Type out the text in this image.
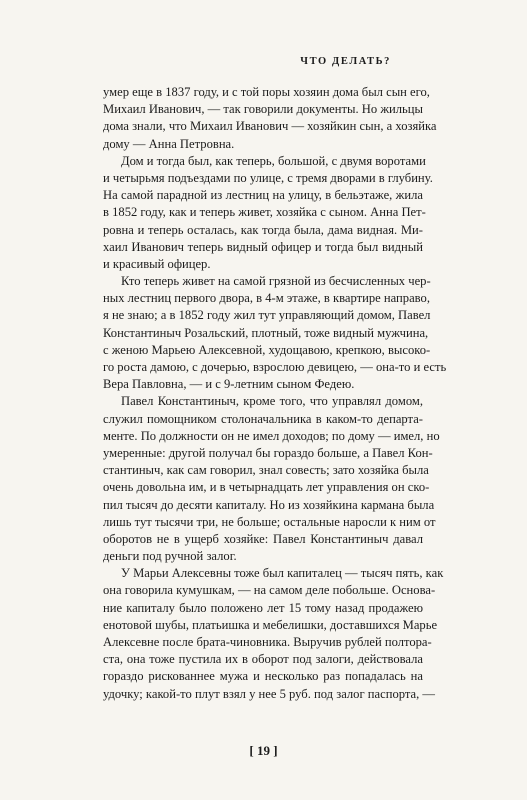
ЧТО ДЕЛАТЬ?
умер еще в 1837 году, и с той поры хозяин дома был сын его,
Михаил Иванович, — так говорили документы. Но жильцы
дома знали, что Михаил Иванович — хозяйкин сын, а хозяйка
дому — Анна Петровна.
Дом и тогда был, как теперь, большой, с двумя воротами
и четырьмя подъездами по улице, с тремя дворами в глубину.
На самой парадной из лестниц на улицу, в бельэтаже, жила
в 1852 году, как и теперь живет, хозяйка с сыном. Анна Пет-
ровна и теперь осталась, как тогда была, дама видная. Ми-
хаил Иванович теперь видный офицер и тогда был видный
и красивый офицер.
Кто теперь живет на самой грязной из бесчисленных чер-
ных лестниц первого двора, в 4-м этаже, в квартире направо,
я не знаю; а в 1852 году жил тут управляющий домом, Павел
Константиныч Розальский, плотный, тоже видный мужчина,
с женою Марьею Алексевной, худощавою, крепкою, высоко-
го роста дамою, с дочерью, взрослою девицею, — она-то и есть
Вера Павловна, — и с 9-летним сыном Федею.
Павел Константиныч, кроме того, что управлял домом,
служил помощником столоначальника в каком-то департа-
менте. По должности он не имел доходов; по дому — имел, но
умеренные: другой получал бы гораздо больше, а Павел Кон-
стантиныч, как сам говорил, знал совесть; зато хозяйка была
очень довольна им, и в четырнадцать лет управления он ско-
пил тысяч до десяти капиталу. Но из хозяйкина кармана была
лишь тут тысячи три, не больше; остальные наросли к ним от
оборотов не в ущерб хозяйке: Павел Константиныч давал
деньги под ручной залог.
У Марьи Алексевны тоже был капиталец — тысяч пять, как
она говорила кумушкам, — на самом деле побольше. Основа-
ние капиталу было положено лет 15 тому назад продажею
енотовой шубы, платьишка и мебелишки, доставшихся Марье
Алексевне после брата-чиновника. Выручив рублей полтора-
ста, она тоже пустила их в оборот под залоги, действовала
гораздо рискованнее мужа и несколько раз попадалась на
удочку; какой-то плут взял у нее 5 руб. под залог паспорта, —
[ 19 ]
